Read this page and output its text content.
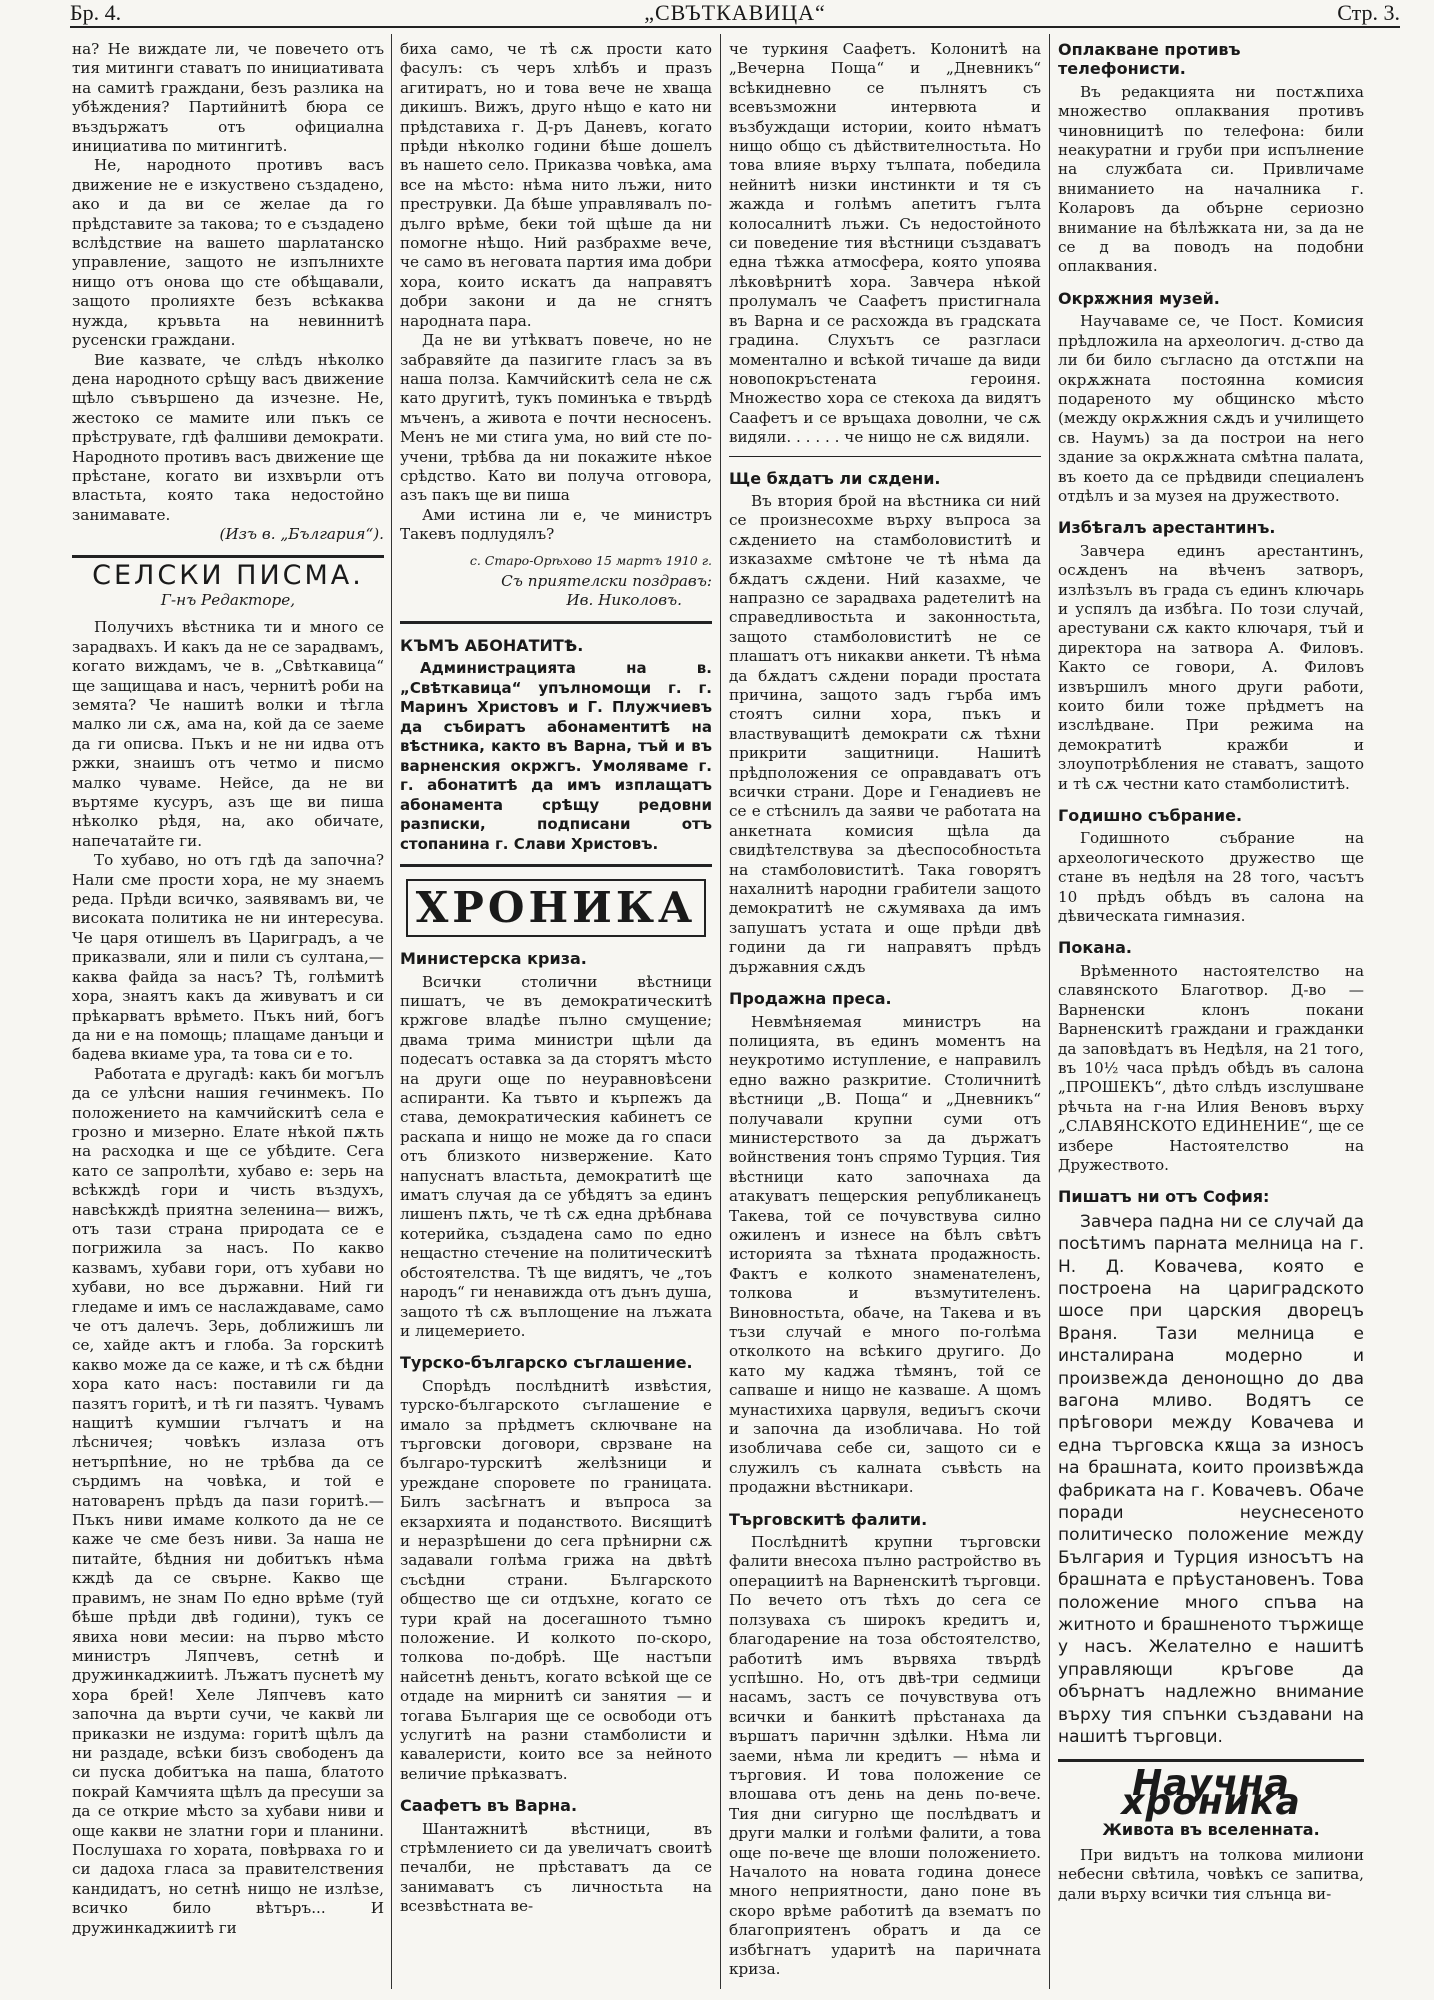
Бр. 4.	„СВЪТКАВИЦА“	Стр. 3.

на? Не виждате ли, че повечето отъ тия митинги ставатъ по инициативата на самитѣ граждани, безъ разлика на убѣждения? Партийнитѣ бюра се въздържатъ отъ официална инициатива по митингитѣ.

Не, народното противъ васъ движение не е изкуствено създадено, ако и да ви се желае да го прѣдставите за такова; то е създадено вслѣдствие на вашето шарлатанско управление, защото не изпълнихте нищо отъ онова що сте обѣщавали, защото пролияхте безъ всѣкаква нужда, кръвьта на невиннитѣ русенски граждани.

Вие казвате, че слѣдъ нѣколко дена народното срѣщу васъ движение щѣло съвършено да изчезне. Не, жестоко се мамите или пъкъ се прѣструвате, гдѣ фалшиви демократи. Народното противъ васъ движение ще прѣстане, когато ви изхвърли отъ властьта, която така недостойно занимавате.

(Изъ в. „България“).

СЕЛСКИ ПИСМА.
Г-нъ Редакторе,

Получихъ вѣстника ти и много се зарадвахъ. И какъ да не се зарадвамъ, когато виждамъ, че в. „Свѣткавица“ ще защищава и насъ, чернитѣ роби на земята? Че нашитѣ волки и тѣгла малко ли сѫ, ама на, кой да се заеме да ги описва. Пъкъ и не ни идва отъ ржки, знаишъ отъ четмо и писмо малко чуваме. Нейсе, да не ви въртяме кусуръ, азъ ще ви пиша нѣколко рѣдя, на, ако обичате, напечатайте ги.

То хубаво, но отъ гдѣ да започна? Нали сме прости хора, не му знаемъ реда. Прѣди всичко, заявявамъ ви, че високата политика не ни интересува. Че царя отишелъ въ Цариградъ, а че приказвали, яли и пили съ султана,— каква файда за насъ? Тѣ, голѣмитѣ хора, знаятъ какъ да живуватъ и си прѣкарватъ врѣмето. Пъкъ ний, богъ да ни е на помощь; плащаме данъци и бадева вкиаме ура, та това си е то.

Работата е другадѣ: какъ би могълъ да се улѣсни нашия гечинмекъ. По положението на камчийскитѣ села е грозно и мизерно. Елате нѣкой пѫть на расходка и ще се убѣдите. Сега като се запролѣти, хубаво е: зерь на всѣкждѣ гори и чисть въздухъ, навсѣкждѣ приятна зеленина— вижъ, отъ тази страна природата се е погрижила за насъ. По какво казвамъ, хубави гори, отъ хубави но хубави, но все държавни. Ний ги гледаме и имъ се наслаждаваме, само че отъ далечъ. Зерь, доближишъ ли се, хайде актъ и глоба. За горскитѣ какво може да се каже, и тѣ сѫ бѣдни хора като насъ: поставили ги да пазятъ горитѣ, и тѣ ги пазятъ. Чувамъ нащитѣ кумшии гълчатъ и на лѣсничея; човѣкъ излаза отъ нетърпѣние, но не трѣбва да се сърдимъ на човѣка, и той е натоваренъ прѣдъ да пази горитѣ.— Пъкъ ниви имаме колкото да не се каже че сме безъ ниви. За наша не питайте, бѣдния ни добитъкъ нѣма кждѣ да се свърне. Какво ще правимъ, не знам По едно врѣме (туй бѣше прѣди двѣ години), тукъ се явиха нови месии: на първо мѣсто министръ Ляпчевъ, сетнѣ и дружинкаджиитѣ. Лъжатъ пуснетѣ му хора брей! Хеле Ляпчевъ като започна да върти сучи, че каквѝ ли приказки не издума: горитѣ щѣлъ да ни раздаде, всѣки бизъ свободенъ да си пуска добитъка на паша, блатото покрай Камчията щѣлъ да пресуши за да се открие мѣсто за хубави ниви и още какви не златни гори и планини. Послушаха го хората, повѣрваха го и си дадоха гласа за правителствения кандидатъ, но сетнѣ нищо не излѣзе, всичко било вѣтъръ... И дружинкаджиитѣ ги

биха само, че тѣ сѫ прости като фасулъ: съ черъ хлѣбъ и празъ агитиратъ, но и това вече не хваща дикишъ. Вижъ, друго нѣщо е като ни прѣдставиха г. Д-ръ Даневъ, когато прѣди нѣколко години бѣше дошелъ въ нашето село. Приказва човѣка, ама все на мѣсто: нѣма нито лъжи, нито преструвки. Да бѣше управлявалъ по-дълго врѣме, беки той щѣше да ни помогне нѣщо. Ний разбрахме вече, че само въ неговата партия има добри хора, които искатъ да направятъ добри закони и да не сгнятъ народната пара.

Да не ви утѣкватъ повече, но не забравяйте да пазигите гласъ за въ наша полза. Камчийскитѣ села не сѫ като другитѣ, тукъ поминъка е твърдѣ мъченъ, а живота е почти несносенъ. Менъ не ми стига ума, но вий сте по-учени, трѣбва да ни покажите нѣкое срѣдство. Като ви получа отговора, азъ пакъ ще ви пиша

Ами истина ли е, че министръ Такевъ подлудялъ?

с. Старо-Орѣхово 15 мартъ 1910 г.

Съ приятелски поздравъ:

Ив. Николовъ.

КЪМЪ АБОНАТИТѢ.

Администрацията на в. „Свѣткавица“ упълномощи г. г. Маринъ Христовъ и Г. Плужчиевъ да събиратъ абонаментитѣ на вѣстника, както въ Варна, тъй и въ варненския окржгъ. Умоляваме г. г. абонатитѣ да имъ изплащатъ абонамента срѣщу редовни разписки, подписани отъ стопанина г. Слави Христовъ.

ХРОНИКА
Министерска криза.

Всички столични вѣстници пишатъ, че въ демократическитѣ кржгове владѣе пълно смущение; двама трима министри щѣли да подесатъ оставка за да сторятъ мѣсто на други още по неуравновѣсени аспиранти. Ка тъвто и кърпежъ да става, демократическия кабинетъ се раскапа и нищо не може да го спаси отъ близкото низвержение. Като напуснатъ властьта, демократитѣ ще иматъ случая да се убѣдятъ за единъ лишенъ пѫть, че тѣ сѫ една дрѣбнава котерийка, създадена само по едно нещастно стечение на политическитѣ обстоятелства. Тѣ ще видятъ, че „тоъ народъ“ ги ненавижда отъ дънъ душа, защото тѣ сѫ въплощение на лъжата и лицемерието.

Турско-българско съглашение.

Спорѣдъ послѣднитѣ извѣстия, турско-българското съглашение е имало за прѣдметъ сключване на търговски договори, сврзване на българо-турскитѣ желѣзници и уреждане споровете по границата. Билъ засѣгнатъ и въпроса за екзархията и поданството. Висящитѣ и неразрѣшени до сега прѣнирни сѫ задавали голѣма грижа на двѣтѣ съсѣдни страни. Българското общество ще си отдъхне, когато се тури край на досегашното тъмно положение. И колкото по-скоро, толкова по-добрѣ. Ще настъпи найсетнѣ деньтъ, когато всѣкой ще се отдаде на мирнитѣ си занятия — и тогава България ще се освободи отъ услугитѣ на разни стамболисти и кавалеристи, които все за нейното величие прѣказватъ.

Саафетъ въ Варна.

Шантажнитѣ вѣстници, въ стрѣмлението си да увеличатъ своитѣ печалби, не прѣставатъ да се занимаватъ съ личностьта на всезвѣстната ве-

че туркиня Саафетъ. Колонитѣ на „Вечерна Поща“ и „Дневникъ“ всѣкидневно се пълнятъ съ всевъзможни интервюта и възбуждащи истории, които нѣматъ нищо общо съ дѣйствителностьта. Но това влияе върху тълпата, победила нейнитѣ низки инстинкти и тя съ жажда и голѣмъ апетитъ гълта колосалнитѣ лъжи. Съ недостойното си поведение тия вѣстници създаватъ една тѣжка атмосфера, която упоява лѣковѣрнитѣ хора. Завчера нѣкой пролумалъ че Саафетъ пристигнала въ Варна и се расхожда въ градската градина. Слухътъ се разгласи моментално и всѣкой тичаше да види новопокръстената героиня. Множество хора се стекоха да видятъ Саафетъ и се връщаха доволни, че сѫ видяли. . . . . . че нищо не сѫ видяли.

Ще бѫдатъ ли сѫдени.

Въ втория брой на вѣстника си ний се произнесохме върху въпроса за сѫдението на стамболовиститѣ и изказахме смѣтоне че тѣ нѣма да бѫдатъ сѫдени. Ний казахме, че напразно се зарадваха радетелитѣ на справедливостьта и законностьта, защото стамболовиститѣ не се плашатъ отъ никакви анкети. Тѣ нѣма да бѫдатъ сѫдени поради простата причина, защото задъ гърба имъ стоятъ силни хора, пъкъ и властвуващитѣ демократи сѫ тѣхни прикрити защитници. Нашитѣ прѣдположения се оправдаватъ отъ всички страни. Доре и Генадиевъ не се е стѣснилъ да заяви че работата на анкетната комисия щѣла да свидѣтелствува за дѣеспособностьта на стамболовиститѣ. Така говорятъ нахалнитѣ народни грабители защото демократитѣ не сѫумяваха да имъ запушатъ устата и още прѣди двѣ години да ги направятъ прѣдъ държавния сѫдъ

Продажна преса.

Невмѣняемая министръ на полицията, въ единъ моментъ на неукротимо иступление, е направилъ едно важно разкритие. Столичнитѣ вѣстници „В. Поща“ и „Дневникъ“ получавали крупни суми отъ министерството за да държатъ войнствения тонъ спрямо Турция. Тия вѣстници като започнаха да атакуватъ пещерския републиканецъ Такева, той се почувствува силно ожиленъ и изнесе на бѣлъ свѣтъ историята за тѣхната продажность. Фактъ е колкото знаменателенъ, толкова и възмутителенъ. Виновностьта, обаче, на Такева и въ тъзи случай е много по-голѣма отколкото на всѣкиго другиго. До като му каджа тѣмянъ, той се сапваше и нищо не казваше. А щомъ мунастихиха царвуля, ведиъгъ скочи и започна да изобличава. Но той изобличава себе си, защото си е служилъ съ калната съвѣсть на продажни вѣстникари.

Търговскитѣ фалити.

Послѣднитѣ крупни търговски фалити внесоха пълно растройство въ операциитѣ на Варненскитѣ търговци. По вечето отъ тѣхъ до сега се ползуваха съ широкъ кредитъ и, благодарение на тоза обстоятелство, работитѣ имъ вървяха твърдѣ успѣшно. Но, отъ двѣ-три седмици насамъ, застъ се почувствува отъ всички и банкитѣ прѣстанаха да вършатъ паричнн здѣлки. Нѣма ли заеми, нѣма ли кредитъ — нѣма и търговия. И това положение се влошава отъ день на день по-вече. Тия дни сигурно ще послѣдватъ и други малки и голѣми фалити, а това още по-вече ще влоши положението. Началото на новата година донесе много неприятности, дано поне въ скоро врѣме работитѣ да взематъ по благоприятенъ обратъ и да се избѣгнатъ ударитѣ на паричната криза.

Оплакване противъ телефонисти.

Въ редакцията ни постѫпиха множество оплаквания противъ чиновницитѣ по телефона: били неакуратни и груби при испълнение на службата си. Привличаме вниманието на началника г. Коларовъ да обърне сериозно внимание на бѣлѣжката ни, за да не се д ва поводъ на подобни оплаквания.

Окрѫжния музей.

Научаваме се, че Пост. Комисия прѣдложила на археологич. д-ство да ли би било съгласно да отстѫпи на окрѫжната постоянна комисия подареното му общинско мѣсто (между окрѫжния сѫдъ и училището св. Наумъ) за да построи на него здание за окрѫжната смѣтна палата, въ което да се прѣдвиди специаленъ отдѣлъ и за музея на дружеството.

Избѣгалъ арестантинъ.

Завчера единъ арестантинъ, осѫденъ на вѣченъ затворъ, излѣзълъ въ града съ единъ ключарь и успялъ да избѣга. По този случай, арестувани сѫ както ключаря, тъй и директора на затвора А. Филовъ. Както се говори, А. Филовъ извършилъ много други работи, които били тоже прѣдметъ на изслѣдване. При режима на демократитѣ кражби и злоупотрѣбления не ставатъ, защото и тѣ сѫ честни като стамболиститѣ.

Годишно събрание.

Годишното събрание на археологическото дружество ще стане въ недѣля на 28 того, часътъ 10 прѣдъ обѣдъ въ салона на дѣвическата гимназия.

Покана.

Врѣменното настоятелство на славянското Благотвор. Д-во — Варненски клонъ покани Варненскитѣ граждани и гражданки да заповѣдатъ въ Недѣля, на 21 того, въ 10½ часа прѣдъ обѣдъ въ салона „ПРОШЕКЪ“, дѣто слѣдъ изслушване рѣчьта на г-на Илия Веновъ върху „СЛАВЯНСКОТО ЕДИНЕНИЕ“, ще се избере Настоятелство на Дружеството.

Пишатъ ни отъ София:

Завчера падна ни се случай да посѣтимъ парната мелница на г. Н. Д. Ковачева, която е построена на цариградското шосе при царския дворецъ Враня. Тази мелница е инсталирана модерно и произвежда денонощно до два вагона мливо. Водятъ се прѣговори между Ковачевa и една търговска кѫща за износъ на брашната, които произвѣжда фабриката на г. Ковачевъ. Обаче поради неуснесеното политическо положение между България и Турция износътъ на брашната е прѣустановенъ. Това положение много спъва на житното и брашненото тържище у насъ. Желателно е нашитѣ управляющи кръгове да обърнатъ надлежно внимание върху тия спънки създавани на нашитѣ търговци.

Научна хроника
Живота въ вселенната.

При видътъ на толкова милиони небесни свѣтила, човѣкъ се запитва, дали върху всички тия слънца ви-
